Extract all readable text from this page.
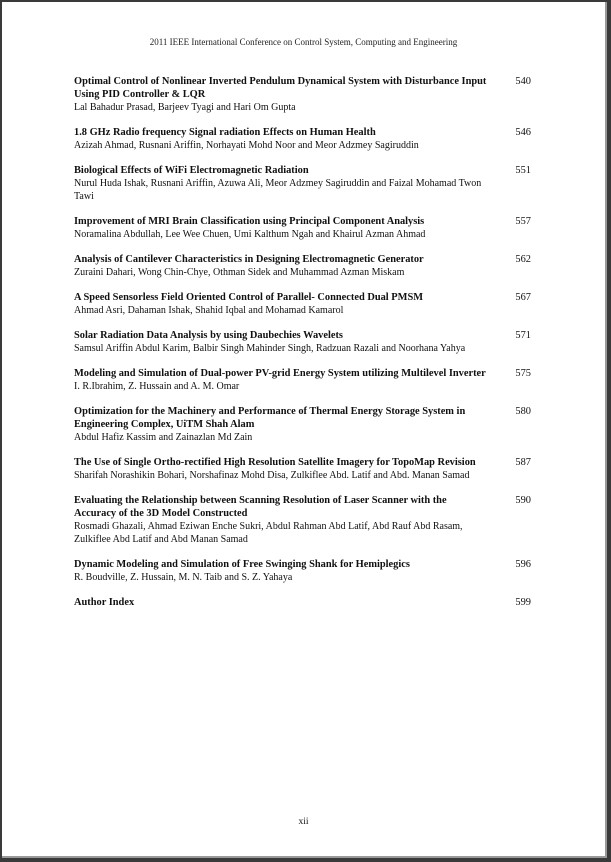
2011 IEEE International Conference on Control System, Computing and Engineering
Optimal Control of Nonlinear Inverted Pendulum Dynamical System with Disturbance Input Using PID Controller & LQR
Lal Bahadur Prasad, Barjeev Tyagi and Hari Om Gupta
540
1.8 GHz Radio frequency Signal radiation Effects on Human Health
Azizah Ahmad, Rusnani Ariffin, Norhayati Mohd Noor and Meor Adzmey Sagiruddin
546
Biological Effects of WiFi Electromagnetic Radiation
Nurul Huda Ishak, Rusnani Ariffin, Azuwa Ali, Meor Adzmey Sagiruddin and Faizal Mohamad Twon Tawi
551
Improvement of MRI Brain Classification using Principal Component Analysis
Noramalina Abdullah, Lee Wee Chuen, Umi Kalthum Ngah and Khairul Azman Ahmad
557
Analysis of Cantilever Characteristics in Designing Electromagnetic Generator
Zuraini Dahari, Wong Chin-Chye, Othman Sidek and Muhammad Azman Miskam
562
A Speed Sensorless Field Oriented Control of Parallel- Connected Dual PMSM
Ahmad Asri, Dahaman Ishak, Shahid Iqbal and Mohamad Kamarol
567
Solar Radiation Data Analysis by using Daubechies Wavelets
Samsul Ariffin Abdul Karim, Balbir Singh Mahinder Singh, Radzuan Razali and Noorhana Yahya
571
Modeling and Simulation of Dual-power PV-grid Energy System utilizing Multilevel Inverter
I. R.Ibrahim, Z. Hussain and A. M. Omar
575
Optimization for the Machinery and Performance of Thermal Energy Storage System in Engineering Complex, UiTM Shah Alam
Abdul Hafiz Kassim and Zainazlan Md Zain
580
The Use of Single Ortho-rectified High Resolution Satellite Imagery for TopoMap Revision
Sharifah Norashikin Bohari, Norshafinaz Mohd Disa, Zulkiflee Abd. Latif and Abd. Manan Samad
587
Evaluating the Relationship between Scanning Resolution of Laser Scanner with the Accuracy of the 3D Model Constructed
Rosmadi Ghazali, Ahmad Eziwan Enche Sukri, Abdul Rahman Abd Latif, Abd Rauf Abd Rasam, Zulkiflee Abd Latif and Abd Manan Samad
590
Dynamic Modeling and Simulation of Free Swinging Shank for Hemiplegics
R. Boudville, Z. Hussain, M. N. Taib and S. Z. Yahaya
596
Author Index	599
xii
